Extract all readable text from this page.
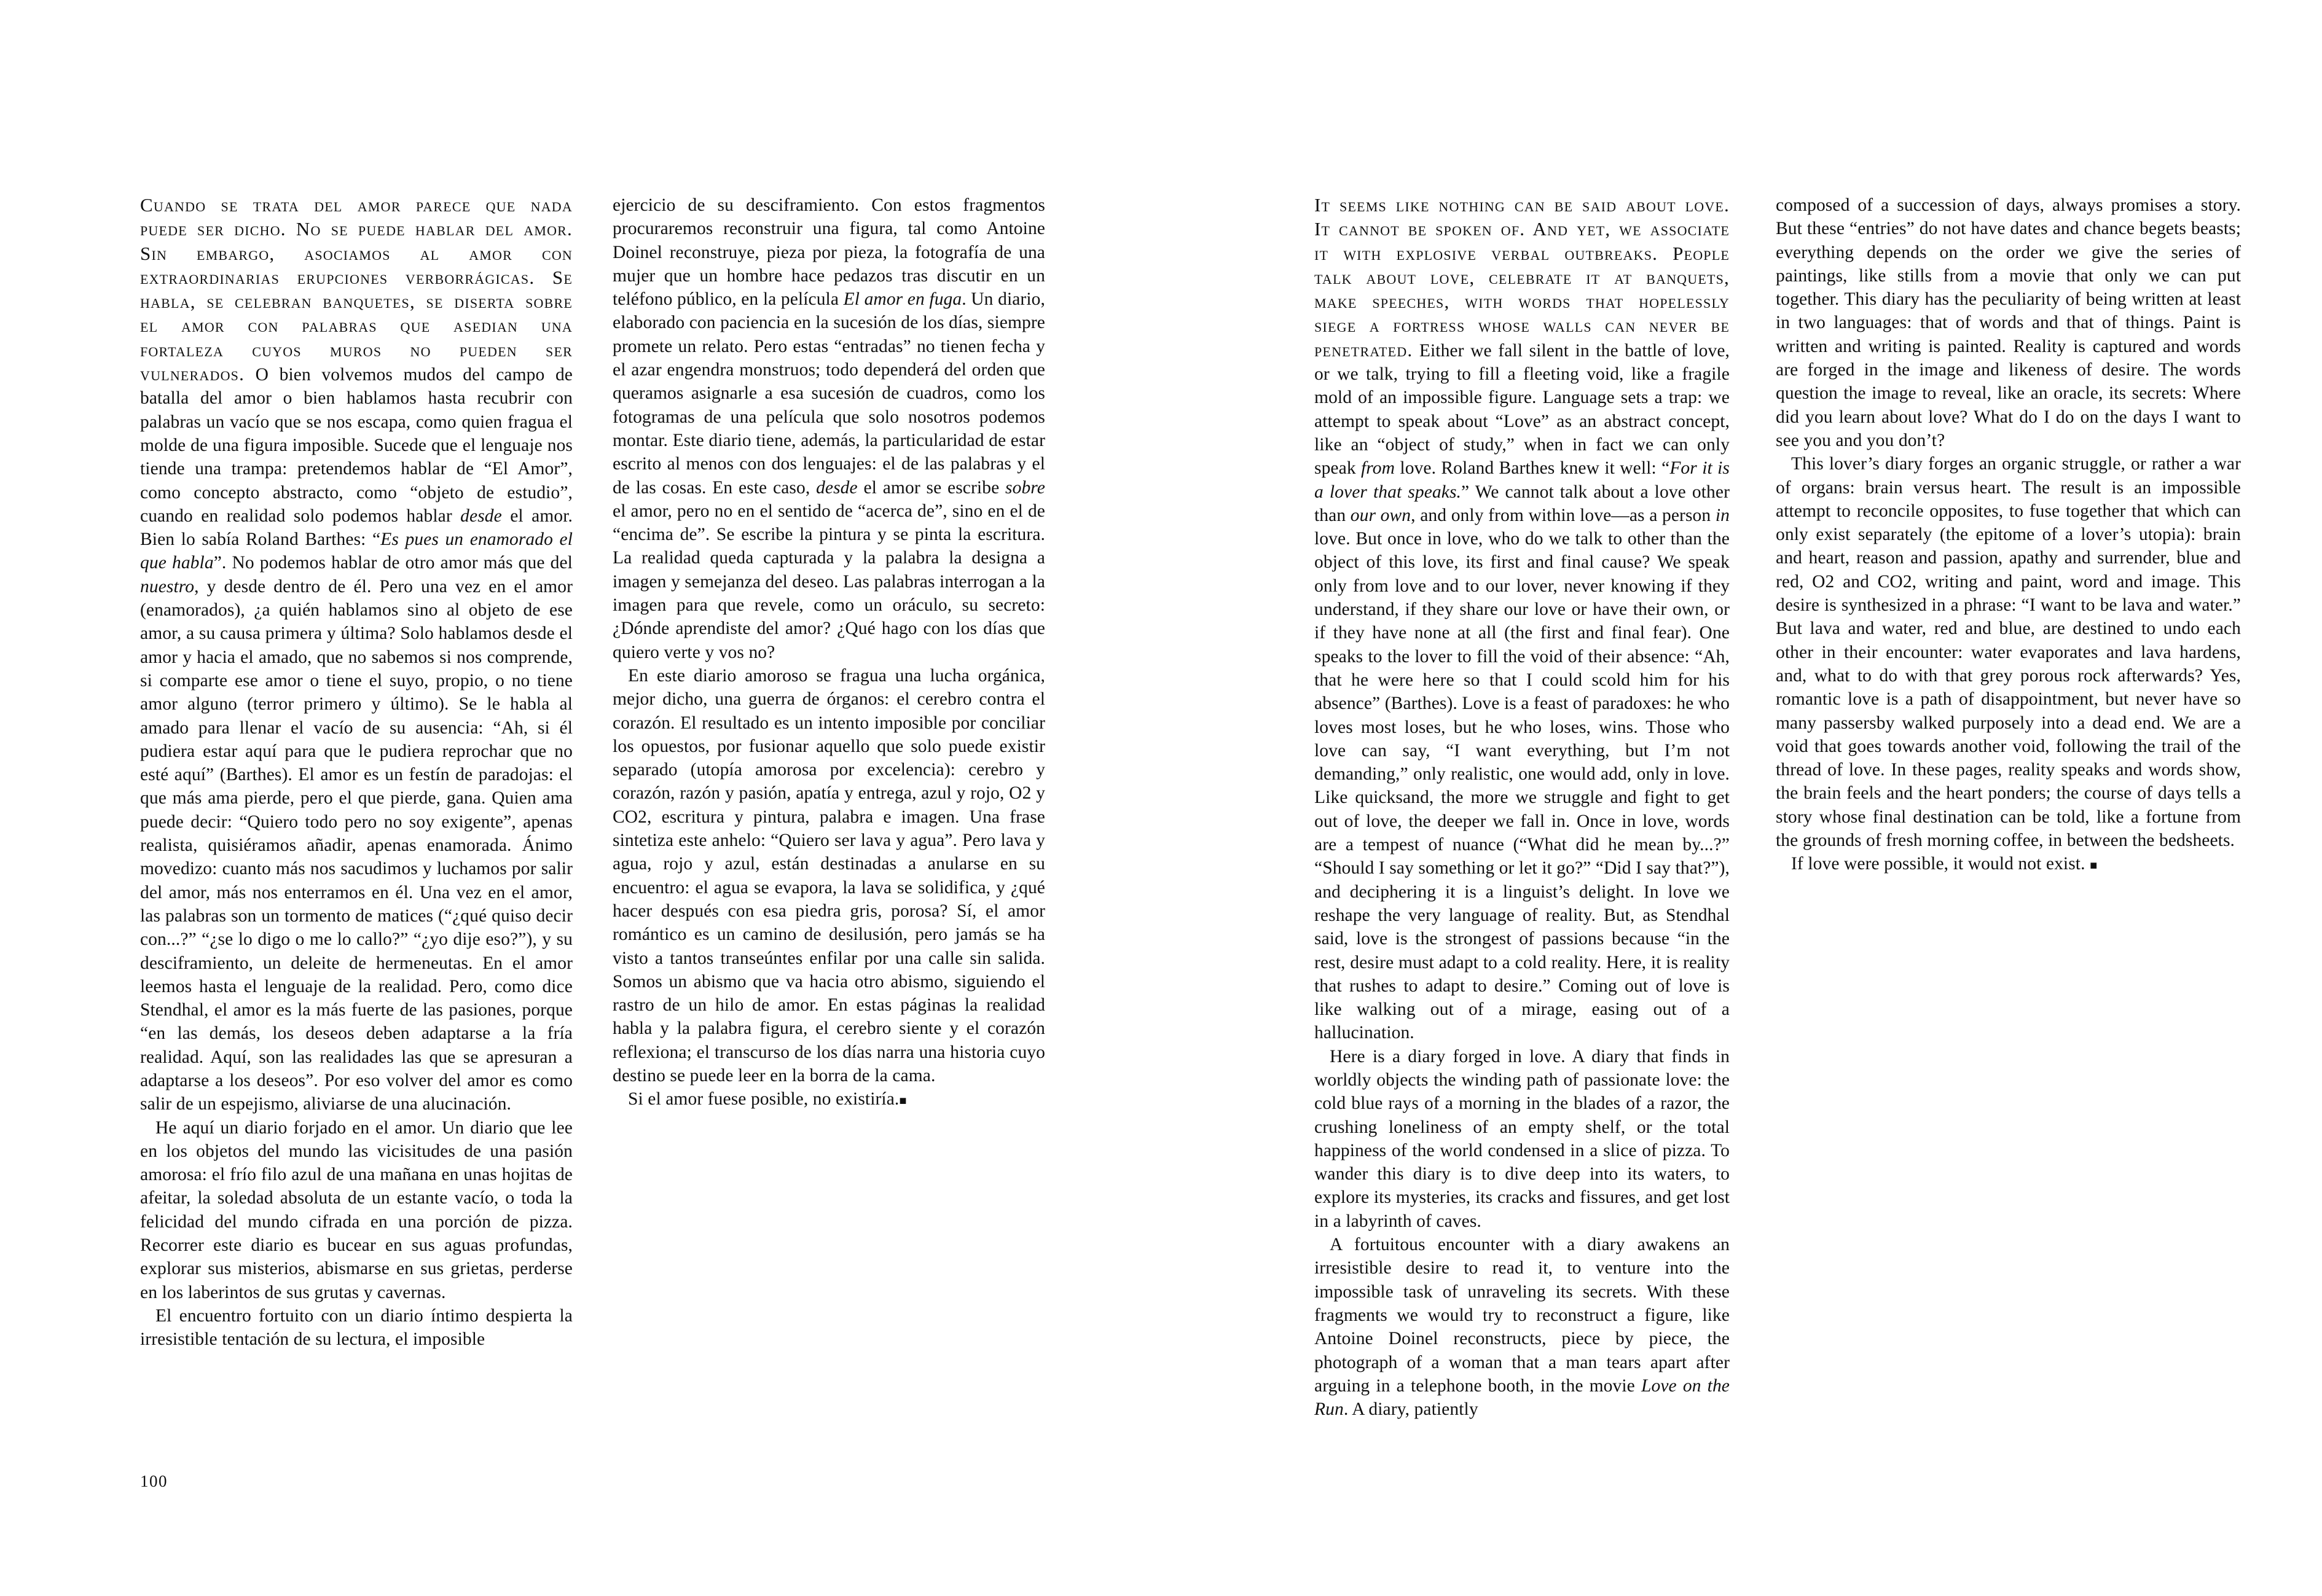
Cuando se trata del amor parece que nada puede ser dicho. No se puede hablar del amor. Sin embargo, asociamos al amor con extraordinarias erupciones verborrágicas. Se habla, se celebran banquetes, se diserta sobre el amor con palabras que asedian una fortaleza cuyos muros no pueden ser vulnerados. O bien volvemos mudos del campo de batalla del amor o bien hablamos hasta recubrir con palabras un vacío que se nos escapa, como quien fragua el molde de una figura imposible. Sucede que el lenguaje nos tiende una trampa: pretendemos hablar de “El Amor”, como concepto abstracto, como “objeto de estudio”, cuando en realidad solo podemos hablar desde el amor. Bien lo sabía Roland Barthes: “Es pues un enamorado el que habla”. No podemos hablar de otro amor más que del nuestro, y desde dentro de él. Pero una vez en el amor (enamorados), ¿a quién hablamos sino al objeto de ese amor, a su causa primera y última? Solo hablamos desde el amor y hacia el amado, que no sabemos si nos comprende, si comparte ese amor o tiene el suyo, propio, o no tiene amor alguno (terror primero y último). Se le habla al amado para llenar el vacío de su ausencia: “Ah, si él pudiera estar aquí para que le pudiera reprochar que no esté aquí” (Barthes). El amor es un festín de paradojas: el que más ama pierde, pero el que pierde, gana. Quien ama puede decir: “Quiero todo pero no soy exigente”, apenas realista, quisiéramos añadir, apenas enamorada. Ánimo movedizo: cuanto más nos sacudimos y luchamos por salir del amor, más nos enterramos en él. Una vez en el amor, las palabras son un tormento de matices (“¿qué quiso decir con...?” “¿se lo digo o me lo callo?” “¿yo dije eso?”), y su desciframiento, un deleite de hermeneutas. En el amor leemos hasta el lenguaje de la realidad. Pero, como dice Stendhal, el amor es la más fuerte de las pasiones, porque “en las demás, los deseos deben adaptarse a la fría realidad. Aquí, son las realidades las que se apresuran a adaptarse a los deseos”. Por eso volver del amor es como salir de un espejismo, aliviarse de una alucinación.

He aquí un diario forjado en el amor. Un diario que lee en los objetos del mundo las vicisitudes de una pasión amorosa: el frío filo azul de una mañana en unas hojitas de afeitar, la soledad absoluta de un estante vacío, o toda la felicidad del mundo cifrada en una porción de pizza. Recorrer este diario es bucear en sus aguas profundas, explorar sus misterios, abismarse en sus grietas, perderse en los laberintos de sus grutas y cavernas.

El encuentro fortuito con un diario íntimo despierta la irresistible tentación de su lectura, el imposible

ejercicio de su desciframiento. Con estos fragmentos procuraremos reconstruir una figura, tal como Antoine Doinel reconstruye, pieza por pieza, la fotografía de una mujer que un hombre hace pedazos tras discutir en un teléfono público, en la película El amor en fuga. Un diario, elaborado con paciencia en la sucesión de los días, siempre promete un relato. Pero estas “entradas” no tienen fecha y el azar engendra monstruos; todo dependerá del orden que queramos asignarle a esa sucesión de cuadros, como los fotogramas de una película que solo nosotros podemos montar. Este diario tiene, además, la particularidad de estar escrito al menos con dos lenguajes: el de las palabras y el de las cosas. En este caso, desde el amor se escribe sobre el amor, pero no en el sentido de “acerca de”, sino en el de “encima de”. Se escribe la pintura y se pinta la escritura. La realidad queda capturada y la palabra la designa a imagen y semejanza del deseo. Las palabras interrogan a la imagen para que revele, como un oráculo, su secreto: ¿Dónde aprendiste del amor? ¿Qué hago con los días que quiero verte y vos no?

En este diario amoroso se fragua una lucha orgánica, mejor dicho, una guerra de órganos: el cerebro contra el corazón. El resultado es un intento imposible por conciliar los opuestos, por fusionar aquello que solo puede existir separado (utopía amorosa por excelencia): cerebro y corazón, razón y pasión, apatía y entrega, azul y rojo, O2 y CO2, escritura y pintura, palabra e imagen. Una frase sintetiza este anhelo: “Quiero ser lava y agua”. Pero lava y agua, rojo y azul, están destinadas a anularse en su encuentro: el agua se evapora, la lava se solidifica, y ¿qué hacer después con esa piedra gris, porosa? Sí, el amor romántico es un camino de desilusión, pero jamás se ha visto a tantos transeúntes enfilar por una calle sin salida. Somos un abismo que va hacia otro abismo, siguiendo el rastro de un hilo de amor. En estas páginas la realidad habla y la palabra figura, el cerebro siente y el corazón reflexiona; el transcurso de los días narra una historia cuyo destino se puede leer en la borra de la cama.

Si el amor fuese posible, no existiría.■

It seems like nothing can be said about love. It cannot be spoken of. And yet, we associate it with explosive verbal outbreaks. People talk about love, celebrate it at banquets, make speeches, with words that hopelessly siege a fortress whose walls can never be penetrated. Either we fall silent in the battle of love, or we talk, trying to fill a fleeting void, like a fragile mold of an impossible figure. Language sets a trap: we attempt to speak about “Love” as an abstract concept, like an “object of study,” when in fact we can only speak from love. Roland Barthes knew it well: “For it is a lover that speaks.” We cannot talk about a love other than our own, and only from within love—as a person in love. But once in love, who do we talk to other than the object of this love, its first and final cause? We speak only from love and to our lover, never knowing if they understand, if they share our love or have their own, or if they have none at all (the first and final fear). One speaks to the lover to fill the void of their absence: “Ah, that he were here so that I could scold him for his absence” (Barthes). Love is a feast of paradoxes: he who loves most loses, but he who loses, wins. Those who love can say, “I want everything, but I’m not demanding,” only realistic, one would add, only in love. Like quicksand, the more we struggle and fight to get out of love, the deeper we fall in. Once in love, words are a tempest of nuance (“What did he mean by...?” “Should I say something or let it go?” “Did I say that?”), and deciphering it is a linguist’s delight. In love we reshape the very language of reality. But, as Stendhal said, love is the strongest of passions because “in the rest, desire must adapt to a cold reality. Here, it is reality that rushes to adapt to desire.” Coming out of love is like walking out of a mirage, easing out of a hallucination.

Here is a diary forged in love. A diary that finds in worldly objects the winding path of passionate love: the cold blue rays of a morning in the blades of a razor, the crushing loneliness of an empty shelf, or the total happiness of the world condensed in a slice of pizza. To wander this diary is to dive deep into its waters, to explore its mysteries, its cracks and fissures, and get lost in a labyrinth of caves.

A fortuitous encounter with a diary awakens an irresistible desire to read it, to venture into the impossible task of unraveling its secrets. With these fragments we would try to reconstruct a figure, like Antoine Doinel reconstructs, piece by piece, the photograph of a woman that a man tears apart after arguing in a telephone booth, in the movie Love on the Run. A diary, patiently

composed of a succession of days, always promises a story. But these “entries” do not have dates and chance begets beasts; everything depends on the order we give the series of paintings, like stills from a movie that only we can put together. This diary has the peculiarity of being written at least in two languages: that of words and that of things. Paint is written and writing is painted. Reality is captured and words are forged in the image and likeness of desire. The words question the image to reveal, like an oracle, its secrets: Where did you learn about love? What do I do on the days I want to see you and you don’t?

This lover’s diary forges an organic struggle, or rather a war of organs: brain versus heart. The result is an impossible attempt to reconcile opposites, to fuse together that which can only exist separately (the epitome of a lover’s utopia): brain and heart, reason and passion, apathy and surrender, blue and red, O2 and CO2, writing and paint, word and image. This desire is synthesized in a phrase: “I want to be lava and water.” But lava and water, red and blue, are destined to undo each other in their encounter: water evaporates and lava hardens, and, what to do with that grey porous rock afterwards? Yes, romantic love is a path of disappointment, but never have so many passersby walked purposely into a dead end. We are a void that goes towards another void, following the trail of the thread of love. In these pages, reality speaks and words show, the brain feels and the heart ponders; the course of days tells a story whose final destination can be told, like a fortune from the grounds of fresh morning coffee, in between the bedsheets.

If love were possible, it would not exist. ■

100
